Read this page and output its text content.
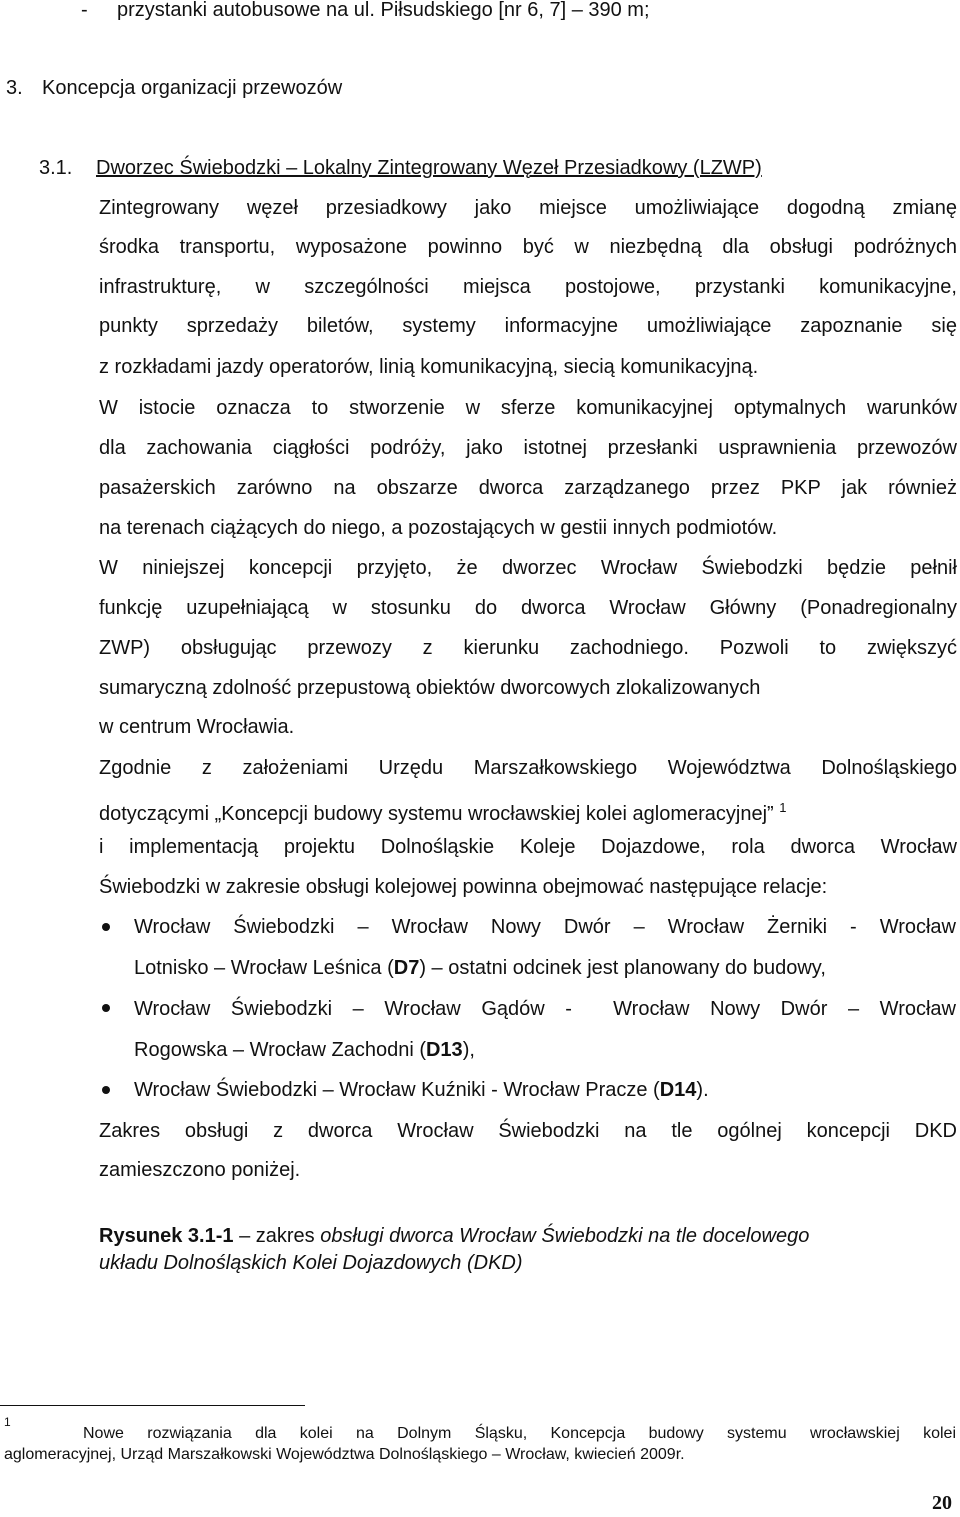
- przystanki autobusowe na ul. Piłsudskiego [nr 6, 7] – 390 m;
3. Koncepcja organizacji przewozów
3.1. Dworzec Świebodzki – Lokalny Zintegrowany Węzeł Przesiadkowy (LZWP)
Zintegrowany węzeł przesiadkowy jako miejsce umożliwiające dogodną zmianę
środka transportu, wyposażone powinno być w niezbędną dla obsługi podróżnych
infrastrukturę, w szczególności miejsca postojowe, przystanki komunikacyjne,
punkty sprzedaży biletów, systemy informacyjne umożliwiające zapoznanie się
z rozkładami jazdy operatorów, linią komunikacyjną, siecią komunikacyjną.
W istocie oznacza to stworzenie w sferze komunikacyjnej optymalnych warunków
dla zachowania ciągłości podróży, jako istotnej przesłanki usprawnienia przewozów
pasażerskich zarówno na obszarze dworca zarządzanego przez PKP jak również
na terenach ciążących do niego, a pozostających w gestii innych podmiotów.
W niniejszej koncepcji przyjęto, że dworzec Wrocław Świebodzki będzie pełnił
funkcję uzupełniającą w stosunku do dworca Wrocław Główny (Ponadregionalny
ZWP) obsługując przewozy z kierunku zachodniego. Pozwoli to zwiększyć
sumaryczną zdolność przepustową obiektów dworcowych zlokalizowanych
w centrum Wrocławia.
Zgodnie z założeniami Urzędu Marszałkowskiego Województwa Dolnośląskiego
dotyczącymi „Koncepcji budowy systemu wrocławskiej kolei aglomeracyjnej” $^1$
i implementacją projektu Dolnośląskie Koleje Dojazdowe, rola dworca Wrocław
Świebodzki w zakresie obsługi kolejowej powinna obejmować następujące relacje:
Wrocław Świebodzki – Wrocław Nowy Dwór – Wrocław Żerniki - Wrocław
Lotnisko – Wrocław Leśnica (D7) – ostatni odcinek jest planowany do budowy,
Wrocław Świebodzki – Wrocław Gądów -  Wrocław Nowy Dwór – Wrocław
Rogowska – Wrocław Zachodni (D13),
Wrocław Świebodzki – Wrocław Kuźniki - Wrocław Pracze (D14).
Zakres obsługi z dworca Wrocław Świebodzki na tle ogólnej koncepcji DKD
zamieszczono poniżej.
Rysunek 3.1-1 – zakres obsługi dworca Wrocław Świebodzki na tle docelowego
układu Dolnośląskich Kolei Dojazdowych (DKD)
1
Nowe rozwiązania dla kolei na Dolnym Śląsku, Koncepcja budowy systemu wrocławskiej kolei
aglomeracyjnej, Urząd Marszałkowski Województwa Dolnośląskiego – Wrocław, kwiecień 2009r.
20
